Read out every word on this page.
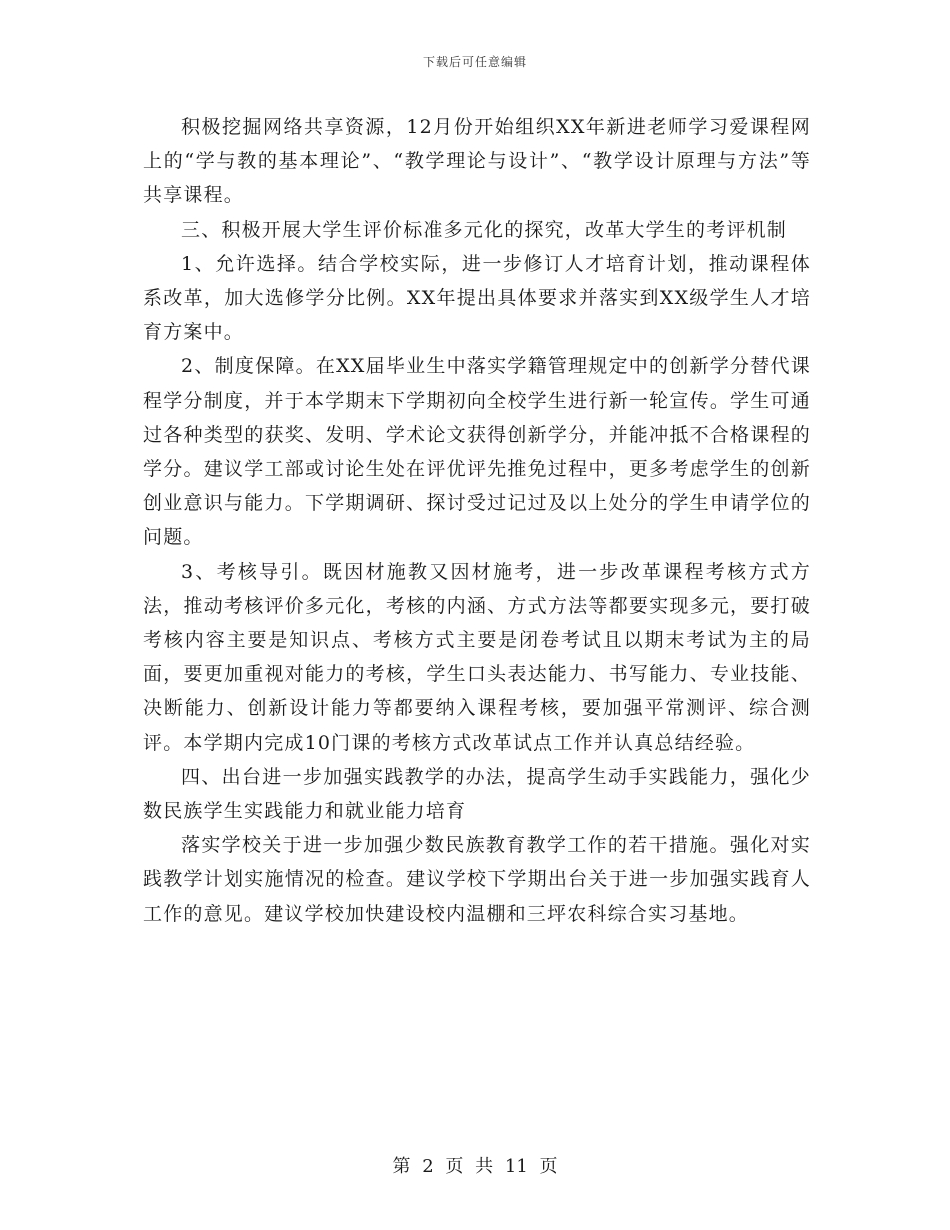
下载后可任意编辑

积极挖掘网络共享资源，12月份开始组织XX年新进老师学习爱课程网上的“学与教的基本理论”、“教学理论与设计”、“教学设计原理与方法”等共享课程。

三、积极开展大学生评价标准多元化的探究，改革大学生的考评机制

1、允许选择。结合学校实际，进一步修订人才培育计划，推动课程体系改革，加大选修学分比例。XX年提出具体要求并落实到XX级学生人才培育方案中。

2、制度保障。在XX届毕业生中落实学籍管理规定中的创新学分替代课程学分制度，并于本学期末下学期初向全校学生进行新一轮宣传。学生可通过各种类型的获奖、发明、学术论文获得创新学分，并能冲抵不合格课程的学分。建议学工部或讨论生处在评优评先推免过程中，更多考虑学生的创新创业意识与能力。下学期调研、探讨受过记过及以上处分的学生申请学位的问题。

3、考核导引。既因材施教又因材施考，进一步改革课程考核方式方法，推动考核评价多元化，考核的内涵、方式方法等都要实现多元，要打破考核内容主要是知识点、考核方式主要是闭卷考试且以期末考试为主的局面，要更加重视对能力的考核，学生口头表达能力、书写能力、专业技能、决断能力、创新设计能力等都要纳入课程考核，要加强平常测评、综合测评。本学期内完成10门课的考核方式改革试点工作并认真总结经验。

四、出台进一步加强实践教学的办法，提高学生动手实践能力，强化少数民族学生实践能力和就业能力培育

落实学校关于进一步加强少数民族教育教学工作的若干措施。强化对实践教学计划实施情况的检查。建议学校下学期出台关于进一步加强实践育人工作的意见。建议学校加快建设校内温棚和三坪农科综合实习基地。

第 2 页 共 11 页
